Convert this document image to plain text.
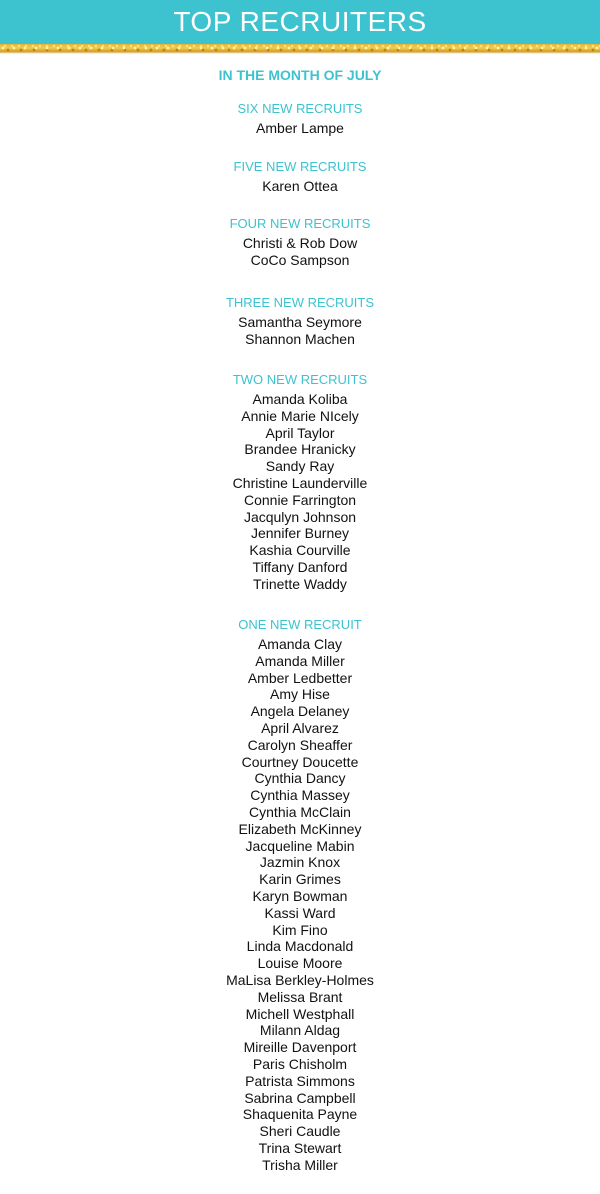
TOP RECRUITERS
IN THE MONTH OF JULY
SIX NEW RECRUITS
Amber Lampe
FIVE NEW RECRUITS
Karen Ottea
FOUR NEW RECRUITS
Christi & Rob Dow
CoCo Sampson
THREE NEW RECRUITS
Samantha Seymore
Shannon Machen
TWO NEW RECRUITS
Amanda Koliba
Annie Marie NIcely
April Taylor
Brandee Hranicky
Sandy Ray
Christine Launderville
Connie Farrington
Jacqulyn Johnson
Jennifer Burney
Kashia Courville
Tiffany Danford
Trinette Waddy
ONE NEW RECRUIT
Amanda Clay
Amanda Miller
Amber Ledbetter
Amy Hise
Angela Delaney
April Alvarez
Carolyn Sheaffer
Courtney Doucette
Cynthia Dancy
Cynthia Massey
Cynthia McClain
Elizabeth McKinney
Jacqueline Mabin
Jazmin Knox
Karin Grimes
Karyn Bowman
Kassi Ward
Kim Fino
Linda Macdonald
Louise Moore
MaLisa Berkley-Holmes
Melissa Brant
Michell Westphall
Milann Aldag
Mireille Davenport
Paris Chisholm
Patrista Simmons
Sabrina Campbell
Shaquenita Payne
Sheri Caudle
Trina Stewart
Trisha Miller
